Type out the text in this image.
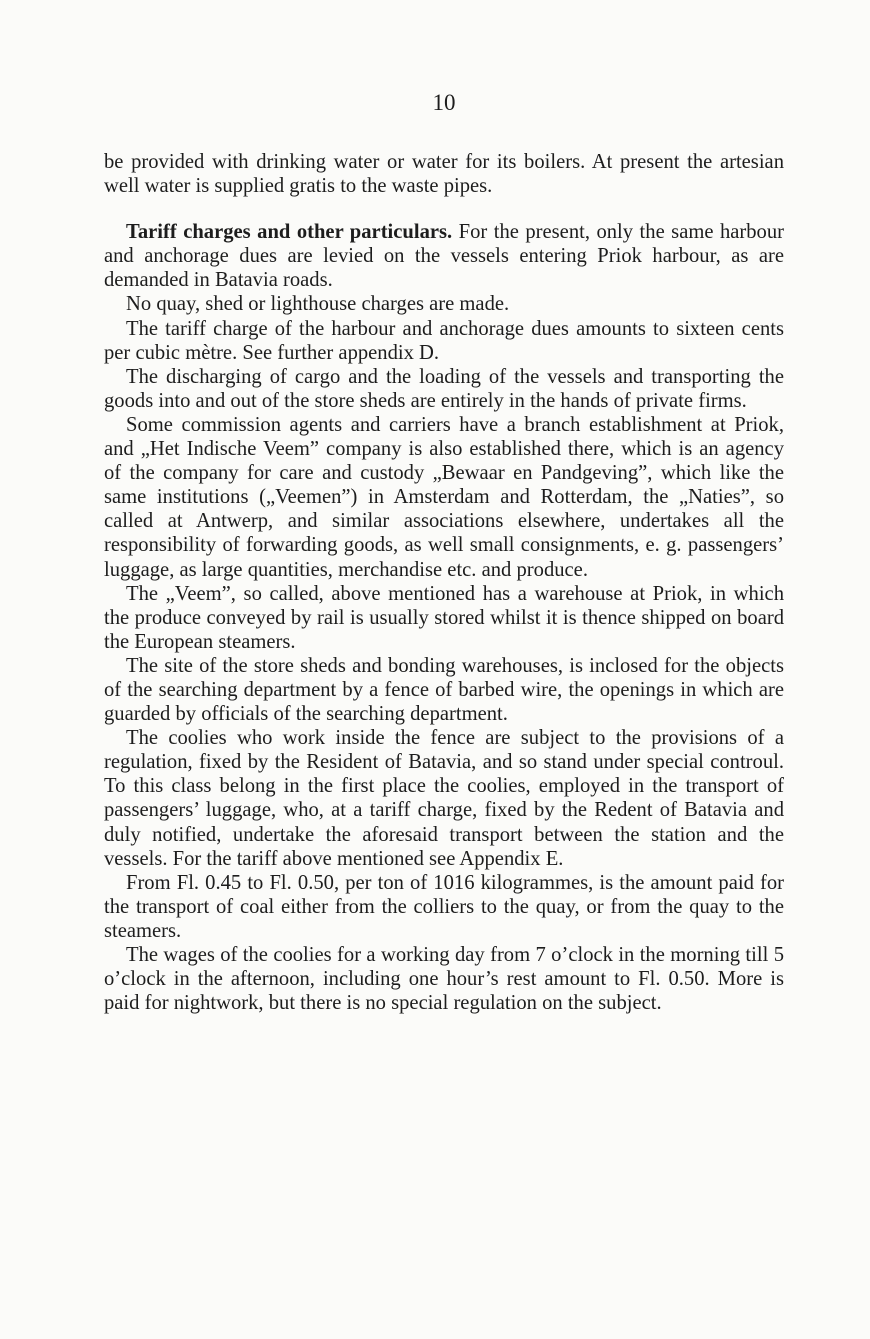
10

be provided with drinking water or water for its boilers. At present the artesian well water is supplied gratis to the waste pipes.

Tariff charges and other particulars. For the present, only the same harbour and anchorage dues are levied on the vessels entering Priok harbour, as are demanded in Batavia roads.

No quay, shed or lighthouse charges are made.

The tariff charge of the harbour and anchorage dues amounts to sixteen cents per cubic mètre. See further appendix D.

The discharging of cargo and the loading of the vessels and transporting the goods into and out of the store sheds are entirely in the hands of private firms.

Some commission agents and carriers have a branch establishment at Priok, and „Het Indische Veem” company is also established there, which is an agency of the company for care and custody „Bewaar en Pandgeving”, which like the same institutions („Veemen”) in Amsterdam and Rotterdam, the „Naties”, so called at Antwerp, and similar associations elsewhere, undertakes all the responsibility of forwarding goods, as well small consignments, e. g. passengers’ luggage, as large quantities, merchandise etc. and produce.

The „Veem”, so called, above mentioned has a warehouse at Priok, in which the produce conveyed by rail is usually stored whilst it is thence shipped on board the European steamers.

The site of the store sheds and bonding warehouses, is inclosed for the objects of the searching department by a fence of barbed wire, the openings in which are guarded by officials of the searching department.

The coolies who work inside the fence are subject to the provisions of a regulation, fixed by the Resident of Batavia, and so stand under special controul. To this class belong in the first place the coolies, employed in the transport of passengers’ luggage, who, at a tariff charge, fixed by the Redent of Batavia and duly notified, undertake the aforesaid transport between the station and the vessels. For the tariff above mentioned see Appendix E.

From Fl. 0.45 to Fl. 0.50, per ton of 1016 kilogrammes, is the amount paid for the transport of coal either from the colliers to the quay, or from the quay to the steamers.

The wages of the coolies for a working day from 7 o’clock in the morning till 5 o’clock in the afternoon, including one hour’s rest amount to Fl. 0.50. More is paid for nightwork, but there is no special regulation on the subject.
